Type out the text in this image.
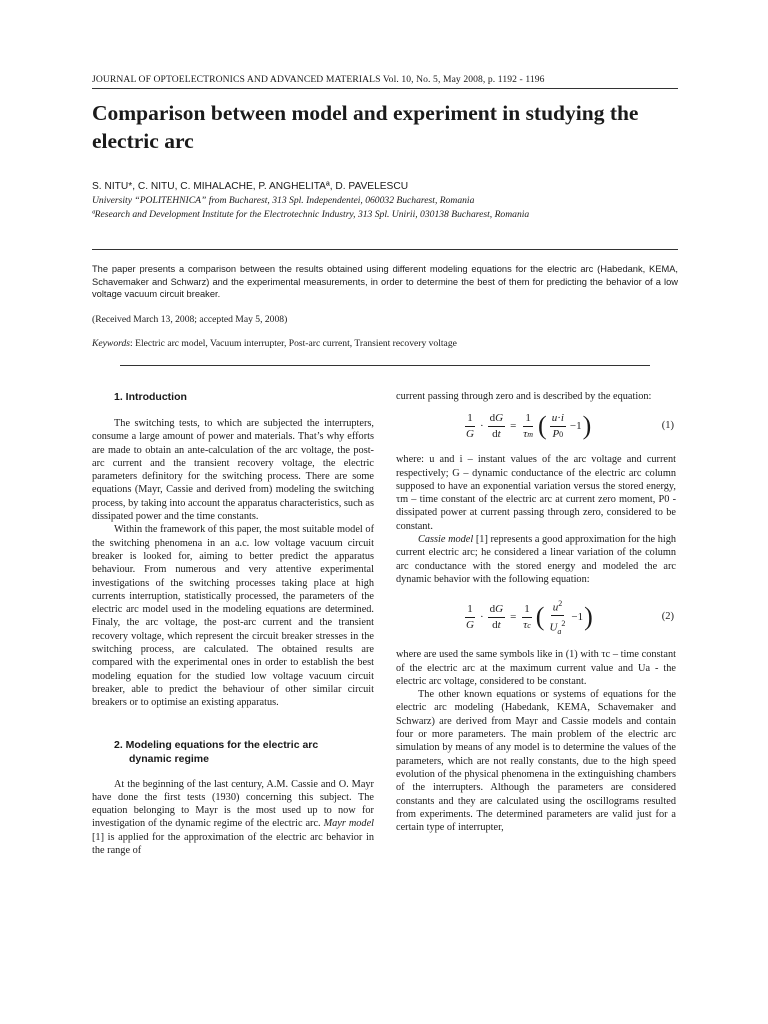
JOURNAL OF OPTOELECTRONICS AND ADVANCED MATERIALS Vol. 10, No. 5, May 2008, p. 1192 - 1196
Comparison between model and experiment in studying the electric arc
S. NITU*, C. NITU, C. MIHALACHE, P. ANGHELITAª, D. PAVELESCU
University “POLITEHNICA” from Bucharest, 313 Spl. Independentei, 060032 Bucharest, Romania
ªResearch and Development Institute for the Electrotechnic Industry, 313 Spl. Unirii, 030138 Bucharest, Romania

The paper presents a comparison between the results obtained using different modeling equations for the electric arc (Habedank, KEMA, Schavemaker and Schwarz) and the experimental measurements, in order to determine the best of them for predicting the behavior of a low voltage vacuum circuit breaker.

(Received March 13, 2008; accepted May 5, 2008)
Keywords: Electric arc model, Vacuum interrupter, Post-arc current, Transient recovery voltage
1. Introduction

The switching tests, to which are subjected the interrupters, consume a large amount of power and materials. That’s why efforts are made to obtain an ante-calculation of the arc voltage, the post-arc current and the transient recovery voltage, the electric parameters definitory for the switching process. There are some equations (Mayr, Cassie and derived from) modeling the switching process, by taking into account the apparatus characteristics, such as dissipated power and the time constants.

Within the framework of this paper, the most suitable model of the switching phenomena in an a.c. low voltage vacuum circuit breaker is looked for, aiming to better predict the apparatus behaviour. From numerous and very attentive experimental investigations of the switching processes taking place at high currents interruption, statistically processed, the parameters of the electric arc model used in the modeling equations are determined. Finaly, the arc voltage, the post-arc current and the transient recovery voltage, which represent the circuit breaker stresses in the switching process, are calculated. The obtained results are compared with the experimental ones in order to establish the best modeling equation for the studied low voltage vacuum circuit breaker, able to predict the behaviour of other similar circuit breakers or to optimise an existing apparatus.

2. Modeling equations for the electric arc
dynamic regime

At the beginning of the last century, A.M. Cassie and O. Mayr have done the first tests (1930) concerning this subject. The equation belonging to Mayr is the most used up to now for investigation of the dynamic regime of the electric arc. Mayr model [1] is applied for the approximation of the electric arc behavior in the range of

current passing through zero and is described by the equation:

$\frac{1}{G} \cdot \frac{dG}{dt} = \frac{1}{\tau m}$ ( $\frac{u\cdot i}{P0} -1$ )	(1)

where: u and i – instant values of the arc voltage and current respectively; G – dynamic conductance of the electric arc column supposed to have an exponential variation versus the stored energy, τm – time constant of the electric arc at current zero moment, P0 - dissipated power at current passing through zero, considered to be constant.

Cassie model [1] represents a good approximation for the high current electric arc; he considered a linear variation of the column arc conductance with the stored energy and modeled the arc dynamic behavior with the following equation:

$\frac{1}{G} \cdot \frac{dG}{dt} = \frac{1}{\tau c}$ ( $\frac{u^2}{U_a^2} -1$ )	(2)

where are used the same symbols like in (1) with τc – time constant of the electric arc at the maximum current value and Ua - the electric arc voltage, considered to be constant.

The other known equations or systems of equations for the electric arc modeling (Habedank, KEMA, Schavemaker and Schwarz) are derived from Mayr and Cassie models and contain four or more parameters. The main problem of the electric arc simulation by means of any model is to determine the values of the parameters, which are not really constants, due to the high speed evolution of the physical phenomena in the extinguishing chambers of the interrupters. Although the parameters are considered constants and they are calculated using the oscillograms resulted from experiments. The determined parameters are valid just for a certain type of interrupter,
